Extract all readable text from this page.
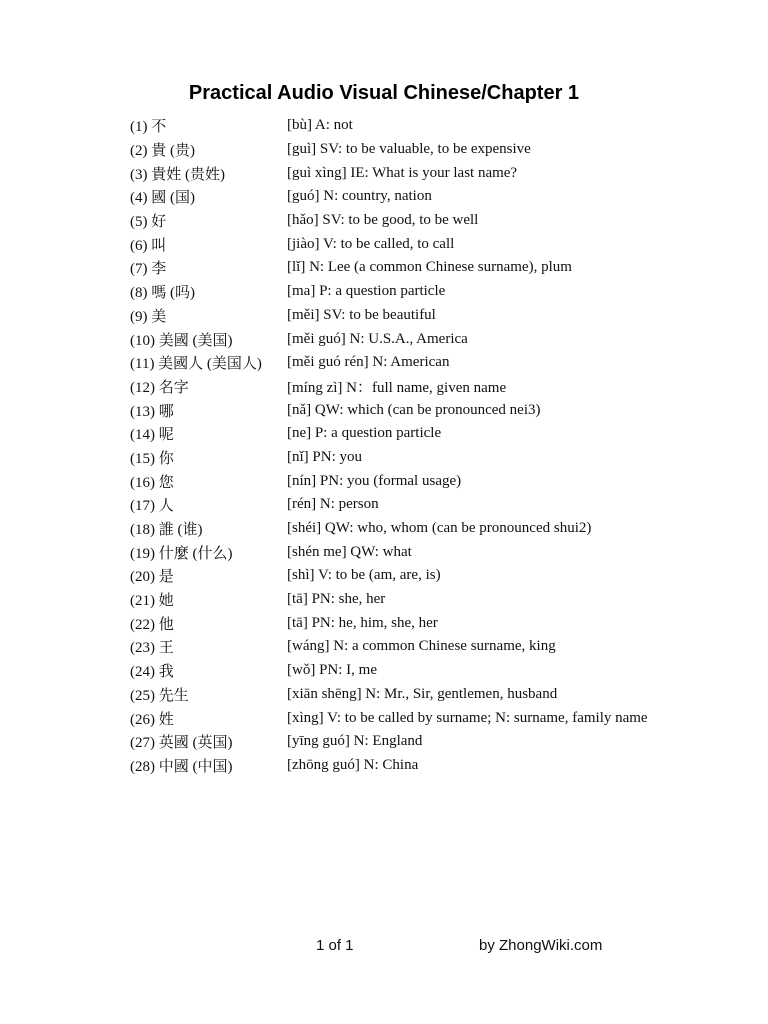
Practical Audio Visual Chinese/Chapter 1
(1) 不	[bù] A: not
(2) 貴 (贵)	[guì] SV: to be valuable, to be expensive
(3) 貴姓 (贵姓)	[guì xìng] IE: What is your last name?
(4) 國 (国)	[guó] N: country, nation
(5) 好	[hǎo] SV: to be good, to be well
(6) 叫	[jiào] V: to be called, to call
(7) 李	[lǐ] N: Lee (a common Chinese surname), plum
(8) 嗎 (吗)	[ma] P: a question particle
(9) 美	[měi] SV: to be beautiful
(10) 美國 (美国)	[měi guó] N: U.S.A., America
(11) 美國人 (美国人)	[měi guó rén] N: American
(12) 名字	[míng zì] N：full name, given name
(13) 哪	[nǎ] QW: which (can be pronounced nei3)
(14) 呢	[ne] P: a question particle
(15) 你	[nǐ] PN: you
(16) 您	[nín] PN: you (formal usage)
(17) 人	[rén] N: person
(18) 誰 (谁)	[shéi] QW: who, whom (can be pronounced shui2)
(19) 什麼 (什么)	[shén me] QW: what
(20) 是	[shì] V: to be (am, are, is)
(21) 她	[tā] PN: she, her
(22) 他	[tā] PN: he, him, she, her
(23) 王	[wáng] N: a common Chinese surname, king
(24) 我	[wǒ] PN: I, me
(25) 先生	[xiān shēng] N: Mr., Sir, gentlemen, husband
(26) 姓	[xìng] V: to be called by surname; N: surname, family name
(27) 英國 (英国)	[yīng guó] N: England
(28) 中國 (中国)	[zhōng guó] N: China
1 of 1	by ZhongWiki.com
